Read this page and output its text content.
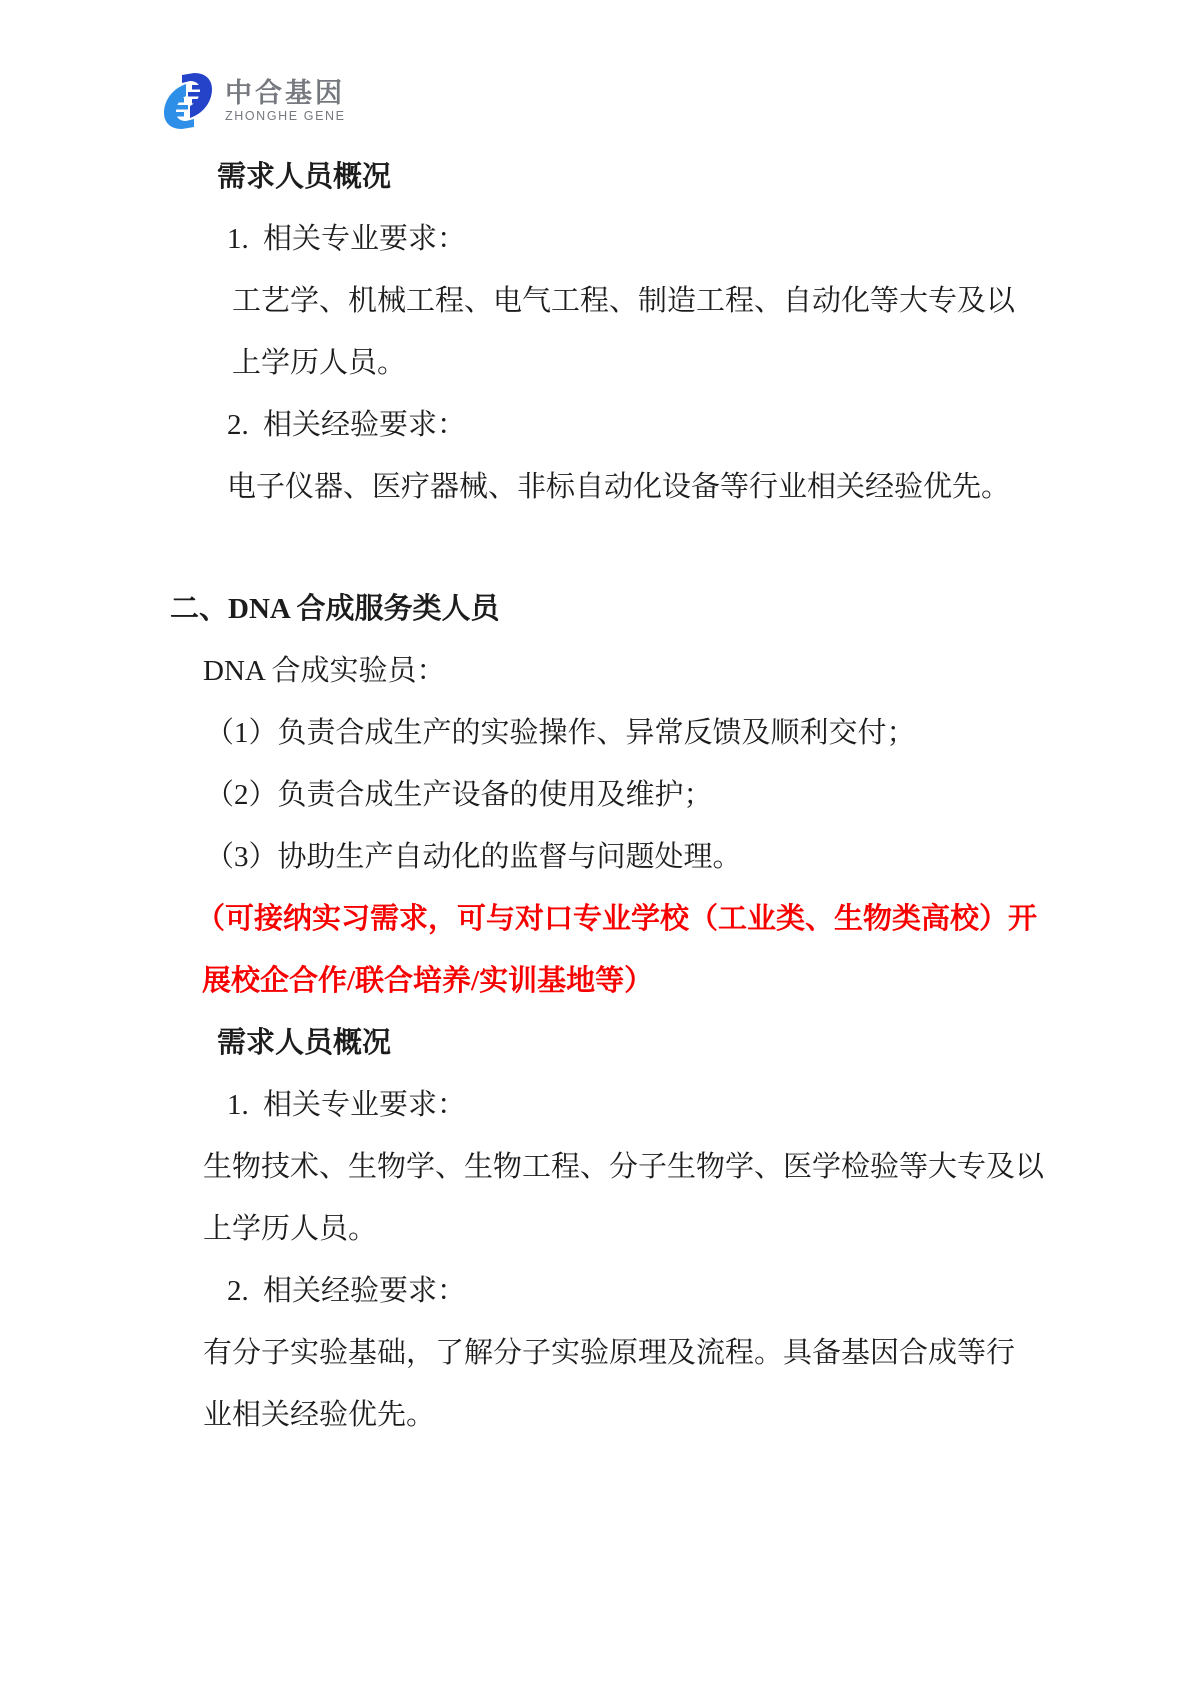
中合基因
ZHONGHE GENE
需求人员概况
1. 相关专业要求：
工艺学、机械工程、电气工程、制造工程、自动化等大专及以
上学历人员。
2. 相关经验要求：
电子仪器、医疗器械、非标自动化设备等行业相关经验优先。
二、DNA 合成服务类人员
DNA 合成实验员：
（1）负责合成生产的实验操作、异常反馈及顺利交付；
（2）负责合成生产设备的使用及维护；
（3）协助生产自动化的监督与问题处理。
（可接纳实习需求，可与对口专业学校（工业类、生物类高校）开
展校企合作/联合培养/实训基地等）
需求人员概况
1. 相关专业要求：
生物技术、生物学、生物工程、分子生物学、医学检验等大专及以
上学历人员。
2. 相关经验要求：
有分子实验基础，了解分子实验原理及流程。具备基因合成等行
业相关经验优先。
